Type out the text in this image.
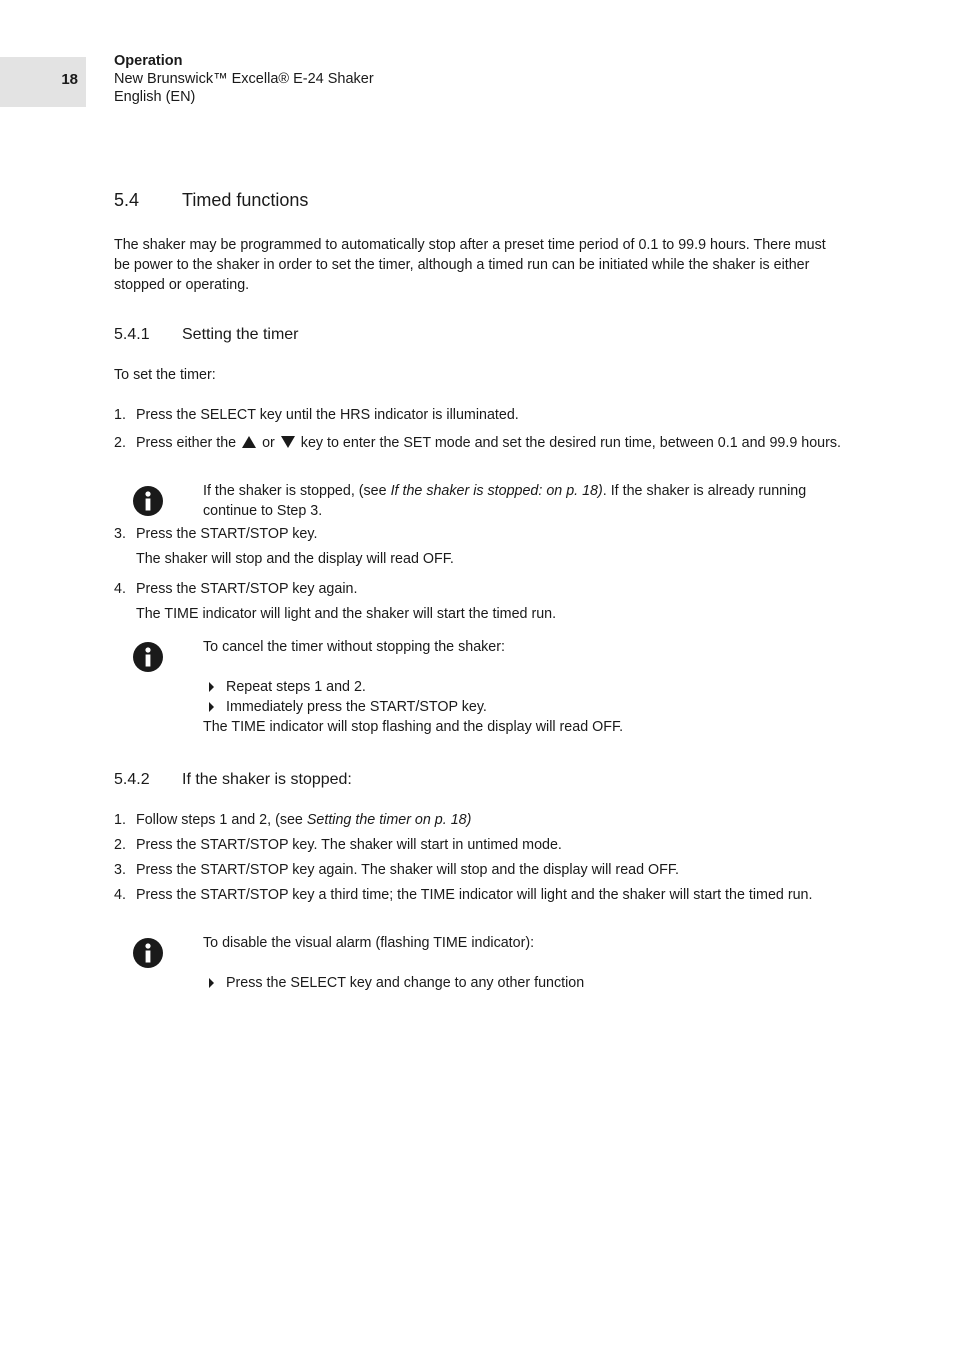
18
Operation
New Brunswick™ Excella® E-24 Shaker
English (EN)
5.4 Timed functions
The shaker may be programmed to automatically stop after a preset time period of 0.1 to 99.9 hours. There must be power to the shaker in order to set the timer, although a timed run can be initiated while the shaker is either stopped or operating.
5.4.1 Setting the timer
To set the timer:
1. Press the SELECT key until the HRS indicator is illuminated.
2. Press either the or key to enter the SET mode and set the desired run time, between 0.1 and 99.9 hours.
If the shaker is stopped, (see If the shaker is stopped: on p. 18). If the shaker is already running continue to Step 3.
3. Press the START/STOP key.
The shaker will stop and the display will read OFF.
4. Press the START/STOP key again.
The TIME indicator will light and the shaker will start the timed run.
To cancel the timer without stopping the shaker:
Repeat steps 1 and 2.
Immediately press the START/STOP key.
The TIME indicator will stop flashing and the display will read OFF.
5.4.2 If the shaker is stopped:
1. Follow steps 1 and 2, (see Setting the timer on p. 18)
2. Press the START/STOP key. The shaker will start in untimed mode.
3. Press the START/STOP key again. The shaker will stop and the display will read OFF.
4. Press the START/STOP key a third time; the TIME indicator will light and the shaker will start the timed run.
To disable the visual alarm (flashing TIME indicator):
Press the SELECT key and change to any other function
